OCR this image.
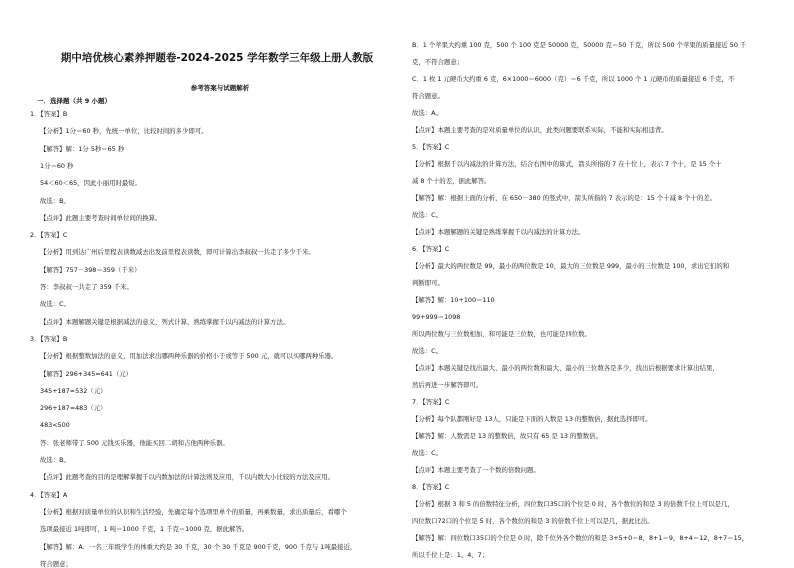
期中培优核心素养押题卷-2024-2025 学年数学三年级上册人教版
参考答案与试题解析
一．选择题（共 9 小题）
1．【答案】B
【分析】1分＝60 秒，先统一单位，比较时间的多少即可。
【解答】解：1分 5秒＝65 秒
1分＝60 秒
54＜60＜65，因此小丽用时最短。
故选：B。
【点评】此题主要考查时间单位间的换算。
2．【答案】C
【分析】用到达广州后里程表读数减去出发前里程表读数，即可计算出李叔叔一共走了多少千米。
【解答】757－398＝359（千米）
答：李叔叔一共走了 359 千米。
故选：C。
【点评】本题解题关键是根据减法的意义，列式计算，熟练掌握千以内减法的计算方法。
3．【答案】B
【分析】根据整数加法的意义，用加法求出哪两种乐器的价格小于或等于 500 元，就可以买哪两种乐器。
【解答】296+345=641（元）
345+187=532（元）
296+187=483（元）
483<500
答：张老师带了 500 元钱买乐器，他能买回二胡和吉他两种乐器。
故选：B。
【点评】此题考查的目的是理解掌握千以内数加法的计算法则及应用，千以内数大小比较的方法及应用。
4．【答案】A
【分析】根据对质量单位的认识和生活经验，先确定每个选项里单个的质量，再乘数量，求出质量后，看哪个
选项最接近 1吨即可，1 吨＝1000 千克，1 千克＝1000 克，据此解答。
【解答】解：A．一名三年级学生的体重大约是 30 千克，30 个 30 千克是 900千克，900 千克与 1吨最接近，
符合题意；
B．1 个苹果大约重 100 克，500 个 100 克是 50000 克，50000 克＝50 千克，所以 500 个苹果的质量接近 50 千
克，不符合题意；
C．1 枚 1 元硬币大约重 6 克，6×1000＝6000（克）＝6 千克，所以 1000 个 1 元硬币的质量接近 6 千克，不
符合题意。
故选：A。
【点评】本题主要考查的是对质量单位的认识，此类问题要联系实际，不能和实际相违背。
5．【答案】C
【分析】根据千以内减法的计算方法，结合右图中的算式，箭头所指的 7 在十位上，表示 7 个十，是 15 个十
减 8 个十的差，据此解答。
【解答】解：根据上面的分析，在 650－380 的竖式中，箭头所指的 7 表示的是：15 个十减 8 个十的差。
故选：C。
【点评】本题解题的关键是熟练掌握千以内减法的计算方法。
6．【答案】C
【分析】最大的两位数是 99，最小的两位数是 10，最大的三位数是 999，最小的三位数是 100，求出它们的和
判断即可。
【解答】解：10+100＝110
99+999＝1098
所以两位数与三位数相加，和可能是三位数，也可能是四位数。
故选：C。
【点评】本题关键是找出最大、最小的两位数和最大、最小的三位数各是多少，找出后根据要求计算出结果，
然后再进一步解答即可。
7．【答案】C
【分析】每个队都刚好是 13人，只能是下面的人数是 13 的整数倍，据此选择即可。
【解答】解：人数需是 13 的整数倍，故只有 65 是 13 的整数倍。
故选：C。
【点评】本题主要考查了一个数的倍数问题。
8．【答案】C
【分析】根据 3 和 5 的倍数特征分析，四位数口35口的个位是 0 时，各个数位的和是 3 的倍数千位上可以是几，
四位数口72口的个位是 5 时，各个数位的和是 3 的倍数千位上可以是几，据此比出。
【解答】解：四位数口35口的个位是 0 时，除千位外各个数位的和是 3+5+0＝8，8+1＝9，8+4＝12，8+7＝15，
所以千位上是：1、4、7；
